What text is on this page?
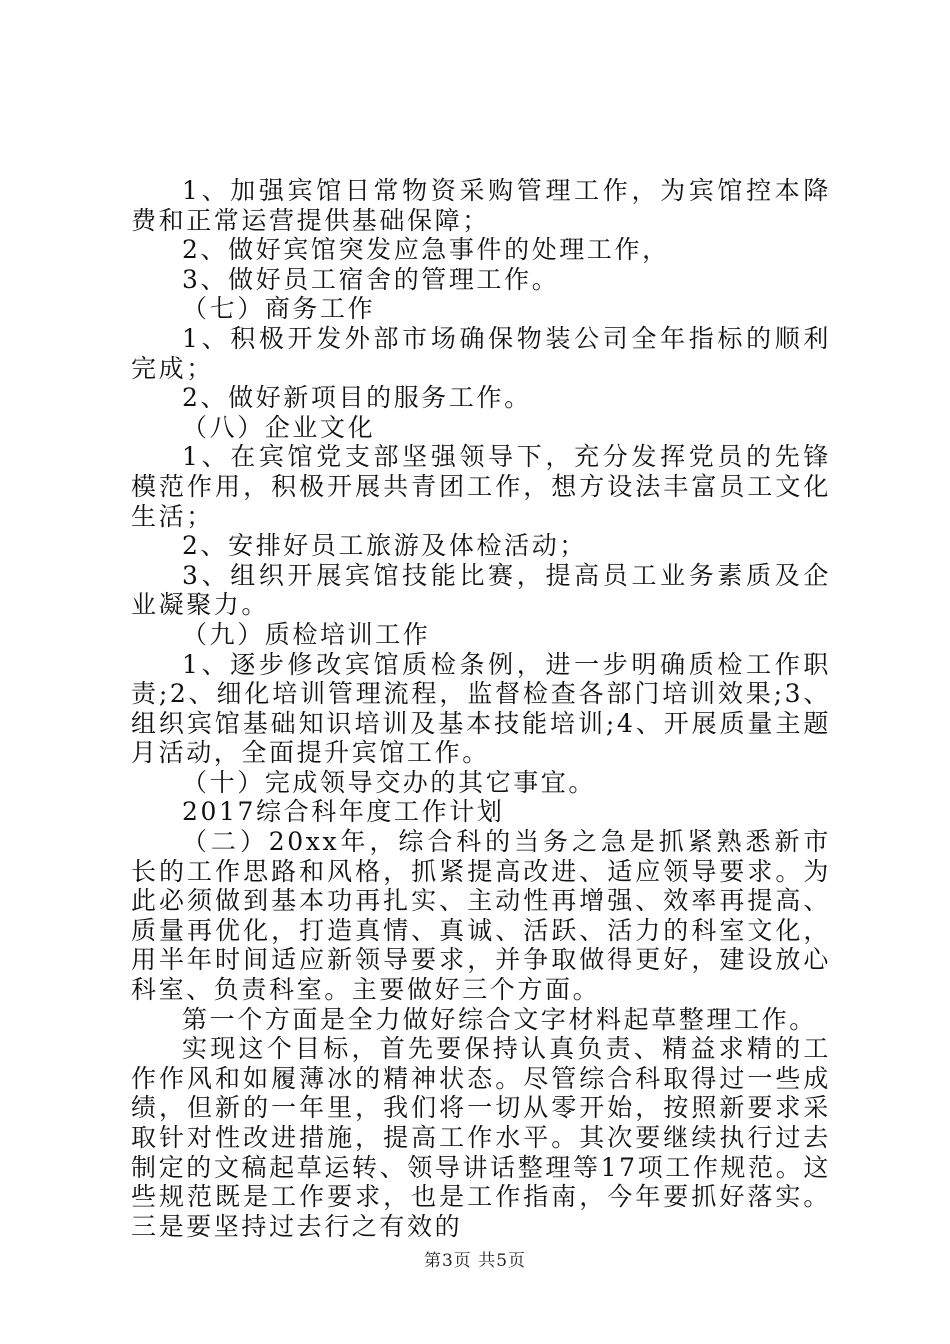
1、加强宾馆日常物资采购管理工作，为宾馆控本降费和正常运营提供基础保障；

2、做好宾馆突发应急事件的处理工作，

3、做好员工宿舍的管理工作。

（七）商务工作

1、积极开发外部市场确保物装公司全年指标的顺利完成；

2、做好新项目的服务工作。

（八）企业文化

1、在宾馆党支部坚强领导下，充分发挥党员的先锋模范作用，积极开展共青团工作，想方设法丰富员工文化生活；

2、安排好员工旅游及体检活动；

3、组织开展宾馆技能比赛，提高员工业务素质及企业凝聚力。

（九）质检培训工作

1、逐步修改宾馆质检条例，进一步明确质检工作职责;2、细化培训管理流程，监督检查各部门培训效果;3、组织宾馆基础知识培训及基本技能培训;4、开展质量主题月活动，全面提升宾馆工作。

（十）完成领导交办的其它事宜。

2017综合科年度工作计划

（二）20xx年，综合科的当务之急是抓紧熟悉新市长的工作思路和风格，抓紧提高改进、适应领导要求。为此必须做到基本功再扎实、主动性再增强、效率再提高、质量再优化，打造真情、真诚、活跃、活力的科室文化，用半年时间适应新领导要求，并争取做得更好，建设放心科室、负责科室。主要做好三个方面。

第一个方面是全力做好综合文字材料起草整理工作。

实现这个目标，首先要保持认真负责、精益求精的工作作风和如履薄冰的精神状态。尽管综合科取得过一些成绩，但新的一年里，我们将一切从零开始，按照新要求采取针对性改进措施，提高工作水平。其次要继续执行过去制定的文稿起草运转、领导讲话整理等17项工作规范。这些规范既是工作要求，也是工作指南，今年要抓好落实。三是要坚持过去行之有效的

第3页 共5页
